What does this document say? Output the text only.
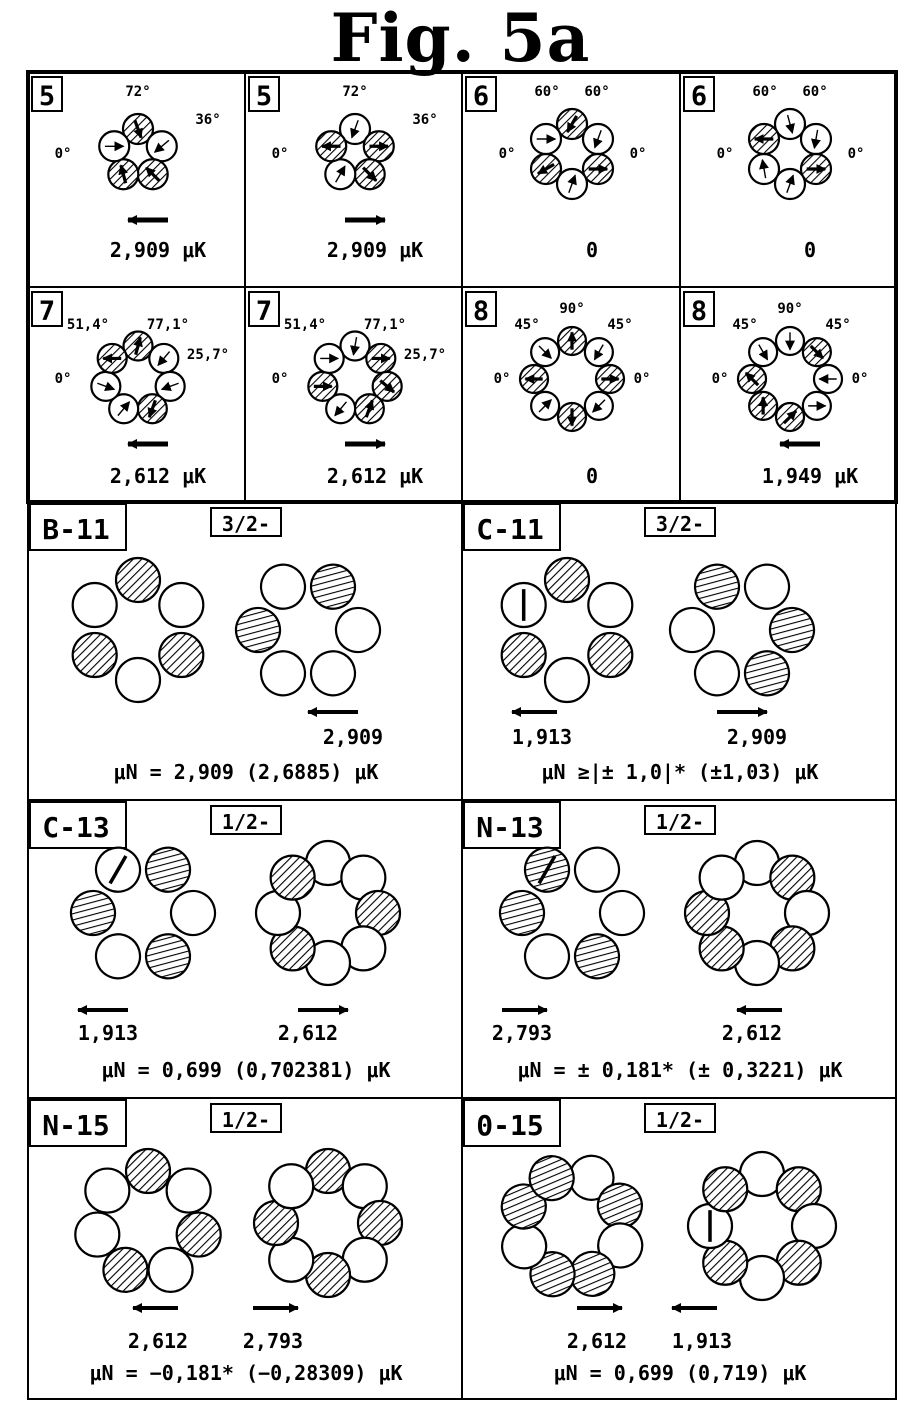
Fig. 5a
5	72°
36°
0°
2,909 μK
5	72°
36°
0°
2,909 μK
6	60° 60°
0°	0°
0
6	60° 60°
0°	0°
0
7 51,4°	77,1°
25,7°
0°
2,612 μK
7 51,4°	77,1°
25,7°
0°
2,612 μK
8 45°
90°
45°
0°	0°
0
8 45°
90°
45°
0°	0°
1,949 μK
B-11	3/2-
2,909
μN = 2,909 (2,6885) μK
C-11	3/2-
1,913	2,909
μN ≥|± 1,0|* (±1,03) μK
C-13	1/2-
1,913	2,612
μN = 0,699 (0,702381) μK
N-13	1/2-
2,793	2,612
μN = ± 0,181* (± 0,3221) μK
N-15	1/2-
2,612	2,793
μN = −0,181* (−0,28309) μK
0-15	1/2-
2,612 1,913
μN = 0,699 (0,719) μK
